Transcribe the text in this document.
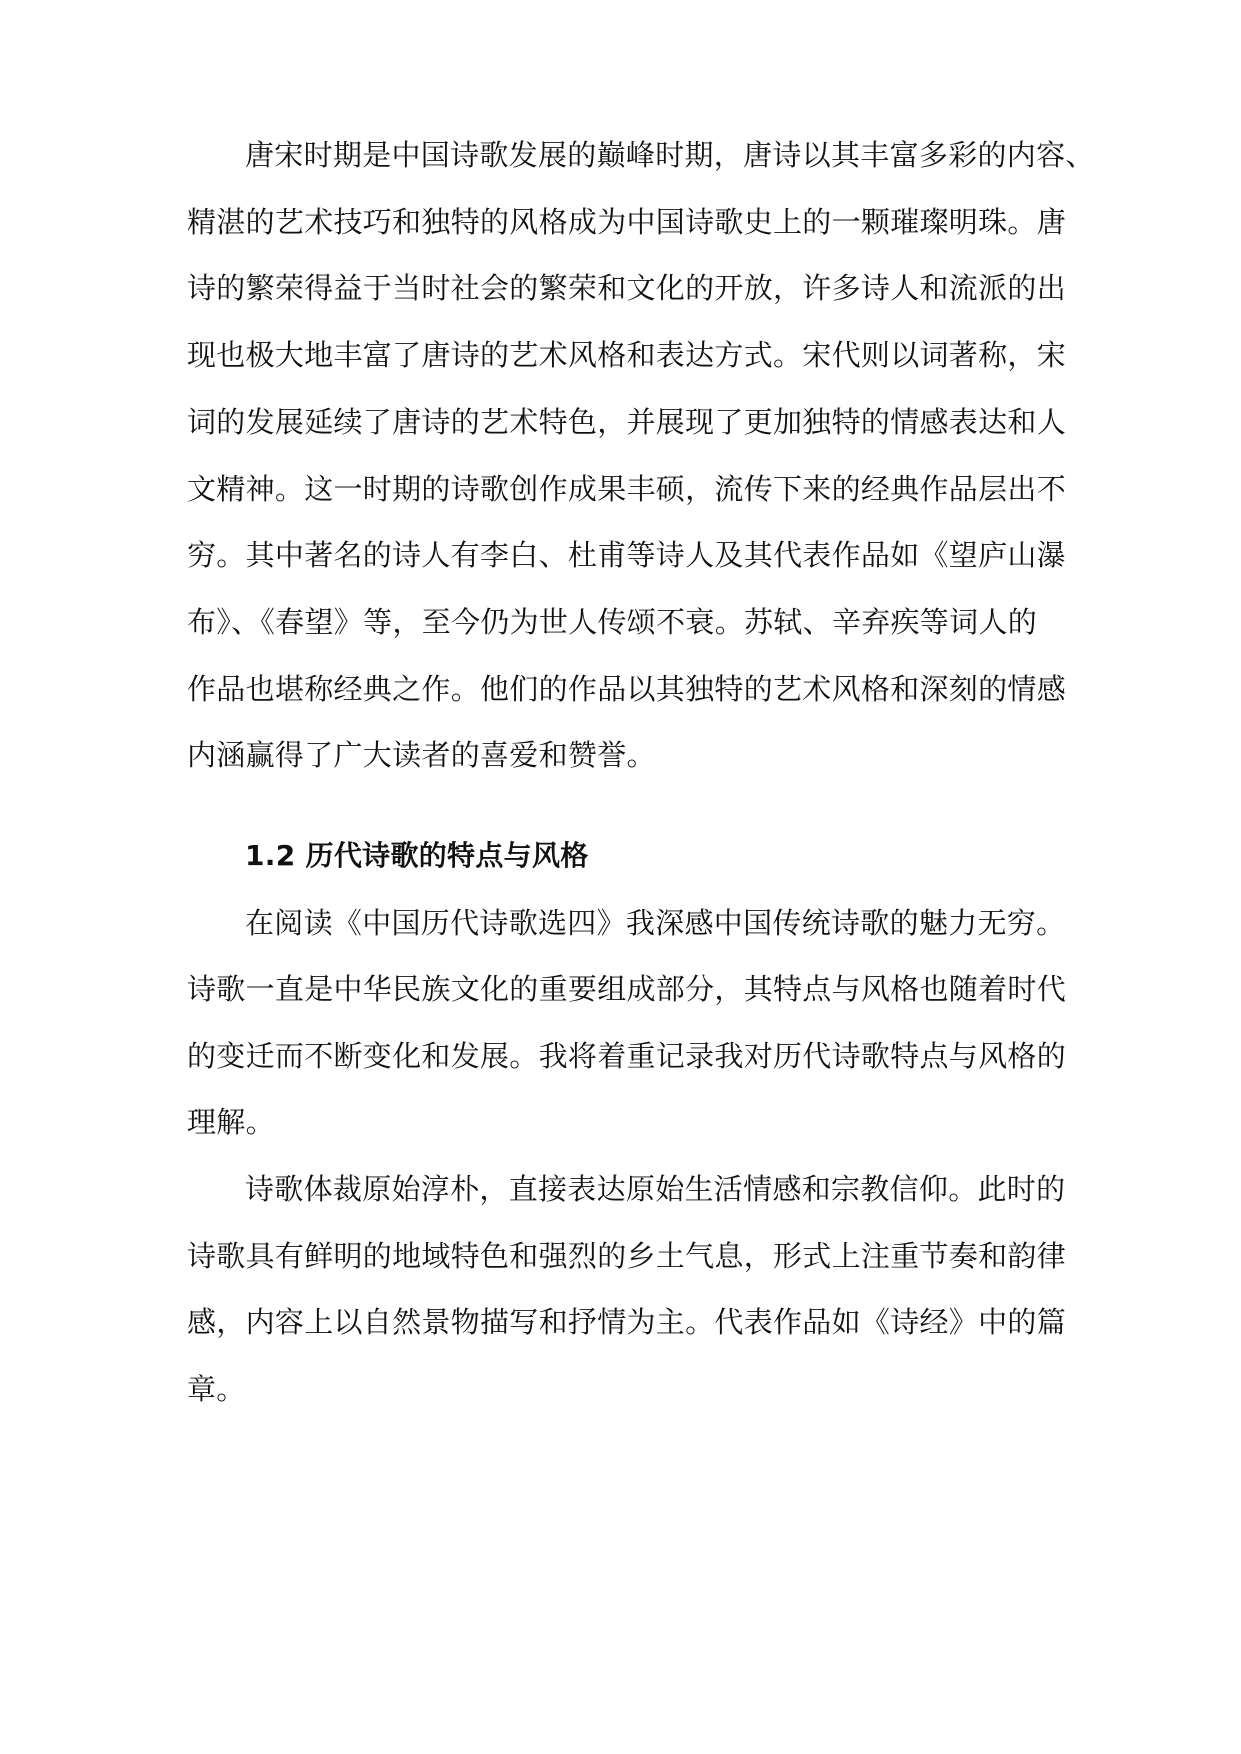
唐宋时期是中国诗歌发展的巅峰时期，唐诗以其丰富多彩的内容、
精湛的艺术技巧和独特的风格成为中国诗歌史上的一颗璀璨明珠。唐
诗的繁荣得益于当时社会的繁荣和文化的开放，许多诗人和流派的出
现也极大地丰富了唐诗的艺术风格和表达方式。宋代则以词著称，宋
词的发展延续了唐诗的艺术特色，并展现了更加独特的情感表达和人
文精神。这一时期的诗歌创作成果丰硕，流传下来的经典作品层出不
穷。其中著名的诗人有李白、杜甫等诗人及其代表作品如《望庐山瀑
布》、《春望》等，至今仍为世人传颂不衰。苏轼、辛弃疾等词人的
作品也堪称经典之作。他们的作品以其独特的艺术风格和深刻的情感
内涵赢得了广大读者的喜爱和赞誉。
1.2 历代诗歌的特点与风格
在阅读《中国历代诗歌选四》我深感中国传统诗歌的魅力无穷。
诗歌一直是中华民族文化的重要组成部分，其特点与风格也随着时代
的变迁而不断变化和发展。我将着重记录我对历代诗歌特点与风格的
理解。
诗歌体裁原始淳朴，直接表达原始生活情感和宗教信仰。此时的
诗歌具有鲜明的地域特色和强烈的乡土气息，形式上注重节奏和韵律
感，内容上以自然景物描写和抒情为主。代表作品如《诗经》中的篇
章。
